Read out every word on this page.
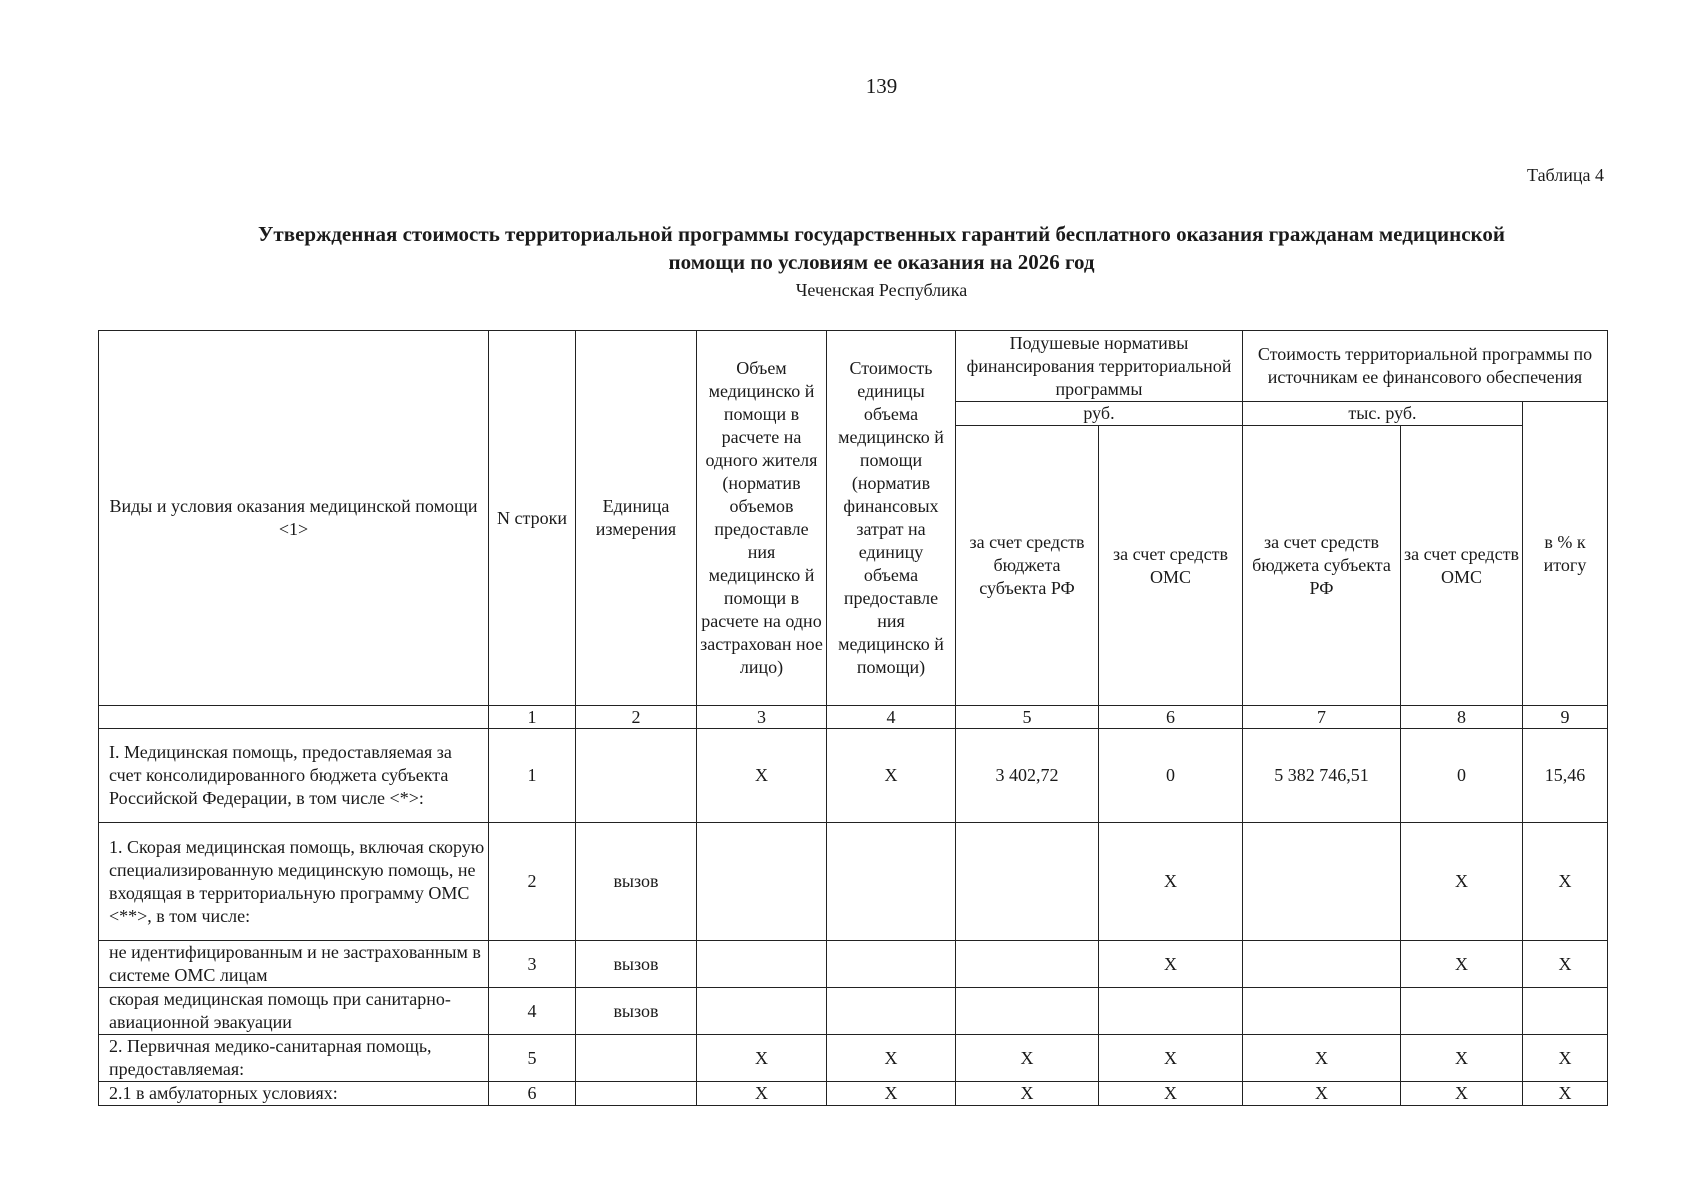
139
Таблица 4
Утвержденная стоимость территориальной программы государственных гарантий бесплатного оказания гражданам медицинской
помощи по условиям ее оказания на 2026 год
Чеченская Республика
Виды и условия оказания медицинской помощи <1>	N строки	Единица измерения	Объем медицинско й помощи в расчете на одного жителя (норматив объемов предоставле ния медицинско й помощи в расчете на одно застрахован ное лицо)	Стоимость единицы объема медицинско й помощи (норматив финансовых затрат на единицу объема предоставле ния медицинско й помощи)	Подушевые нормативы финансирования территориальной программы		Стоимость территориальной программы по источникам ее финансового обеспечения		
					руб.		тыс. руб.		в % к итогу
					за счет средств бюджета субъекта РФ	за счет средств ОМС	за счет средств бюджета субъекта РФ	за счет средств ОМС	
	1	2	3	4	5	6	7	8	9
I. Медицинская помощь, предоставляемая за счет консолидированного бюджета субъекта Российской Федерации, в том числе <*>:	1		X	X	3 402,72	0	5 382 746,51	0	15,46
1. Скорая медицинская помощь, включая скорую специализированную медицинскую помощь, не входящая в территориальную программу ОМС <**>, в том числе:	2	вызов				X		X	X
не идентифицированным и не застрахованным в системе ОМС лицам	3	вызов				X		X	X
скорая медицинская помощь при санитарно-авиационной эвакуации	4	вызов							
2. Первичная медико-санитарная помощь, предоставляемая:	5		X	X	X	X	X	X	X
2.1 в амбулаторных условиях:	6		X	X	X	X	X	X	X
